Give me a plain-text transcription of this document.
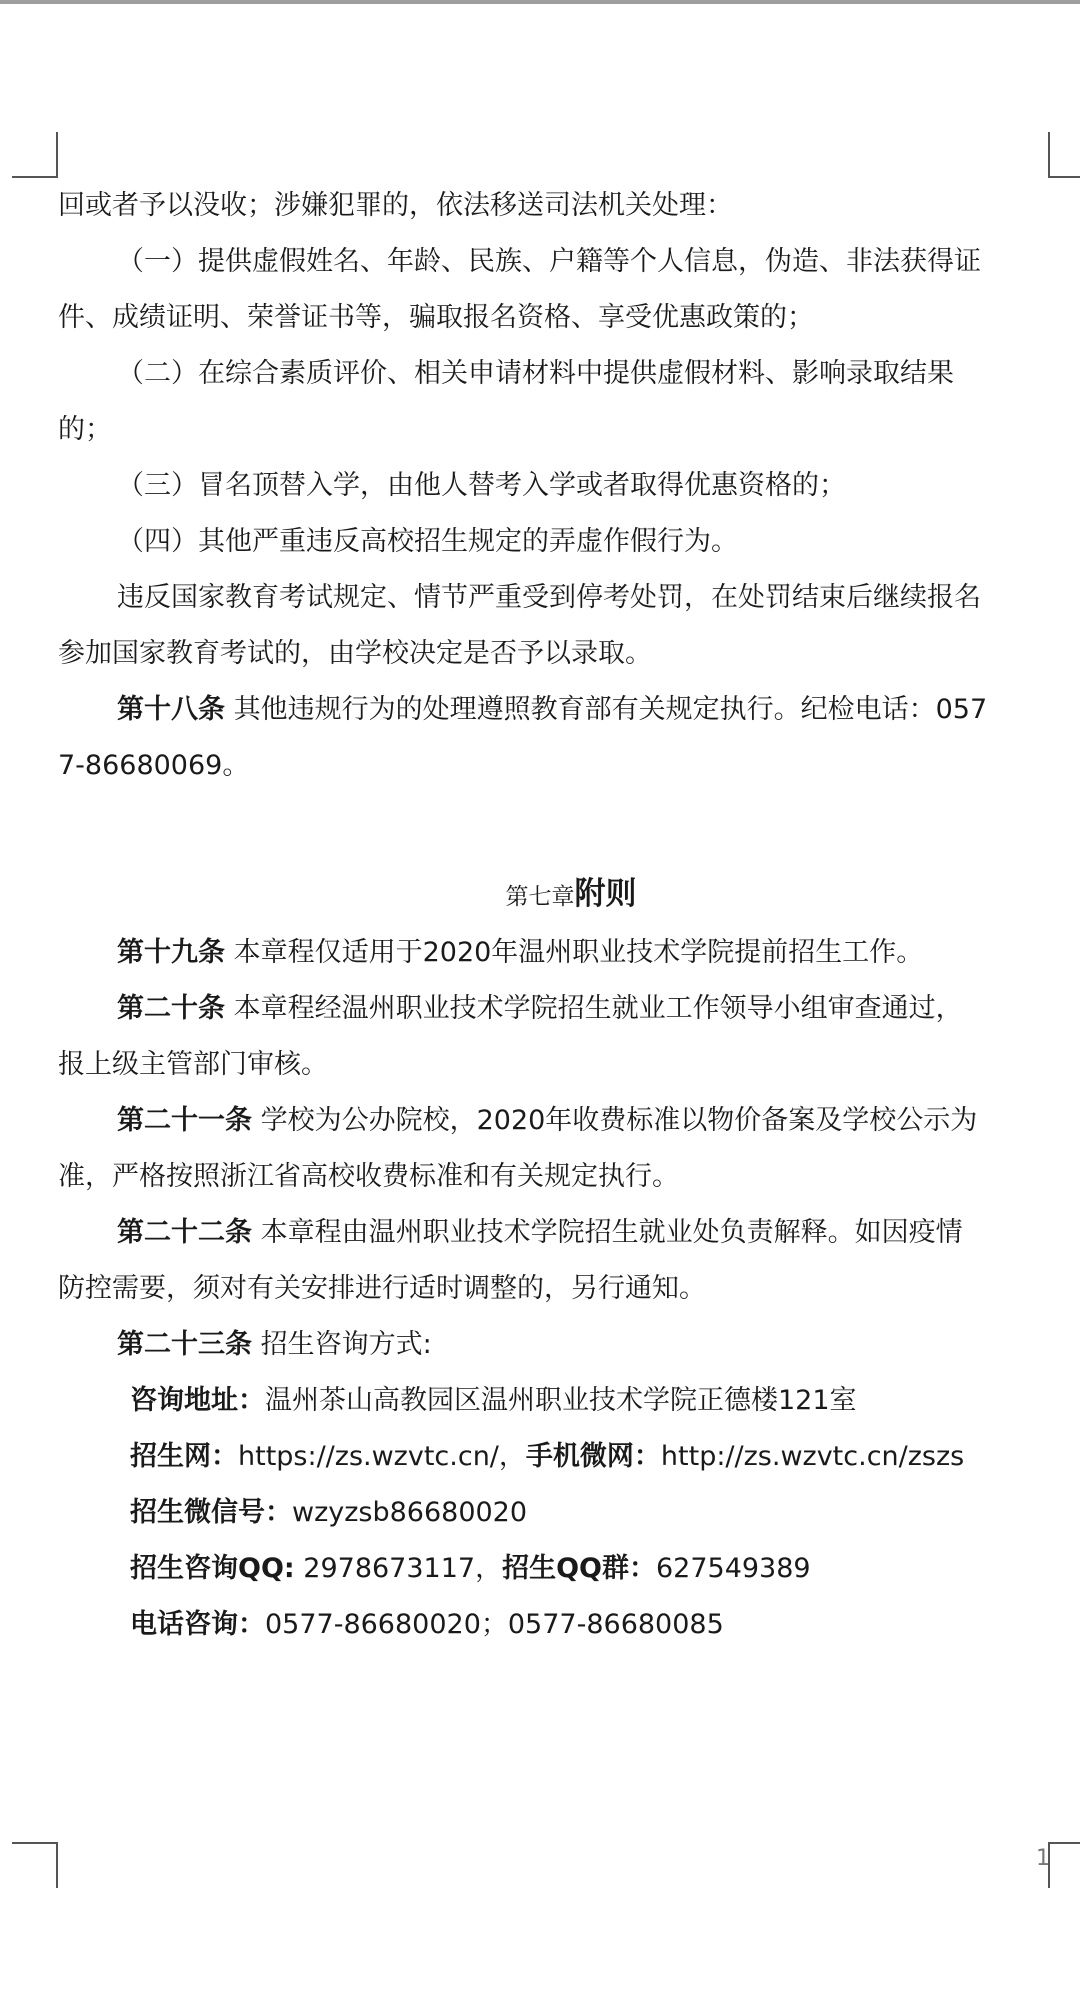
1

回或者予以没收；涉嫌犯罪的，依法移送司法机关处理：

（一）提供虚假姓名、年龄、民族、户籍等个人信息，伪造、非法获得证

件、成绩证明、荣誉证书等，骗取报名资格、享受优惠政策的；

（二）在综合素质评价、相关申请材料中提供虚假材料、影响录取结果

的；

（三）冒名顶替入学，由他人替考入学或者取得优惠资格的；

（四）其他严重违反高校招生规定的弄虚作假行为。

违反国家教育考试规定、情节严重受到停考处罚，在处罚结束后继续报名

参加国家教育考试的，由学校决定是否予以录取。

第十八条 其他违规行为的处理遵照教育部有关规定执行。纪检电话：057

7-86680069。

第七章附则

第十九条 本章程仅适用于2020年温州职业技术学院提前招生工作。

第二十条 本章程经温州职业技术学院招生就业工作领导小组审查通过，

报上级主管部门审核。

第二十一条 学校为公办院校，2020年收费标准以物价备案及学校公示为

准，严格按照浙江省高校收费标准和有关规定执行。

第二十二条 本章程由温州职业技术学院招生就业处负责解释。如因疫情

防控需要，须对有关安排进行适时调整的，另行通知。

第二十三条 招生咨询方式:

咨询地址：温州茶山高教园区温州职业技术学院正德楼121室

招生网：https://zs.wzvtc.cn/，手机微网：http://zs.wzvtc.cn/zszs

招生微信号：wzyzsb86680020

招生咨询QQ: 2978673117，招生QQ群：627549389

电话咨询：0577-86680020；0577-86680085
